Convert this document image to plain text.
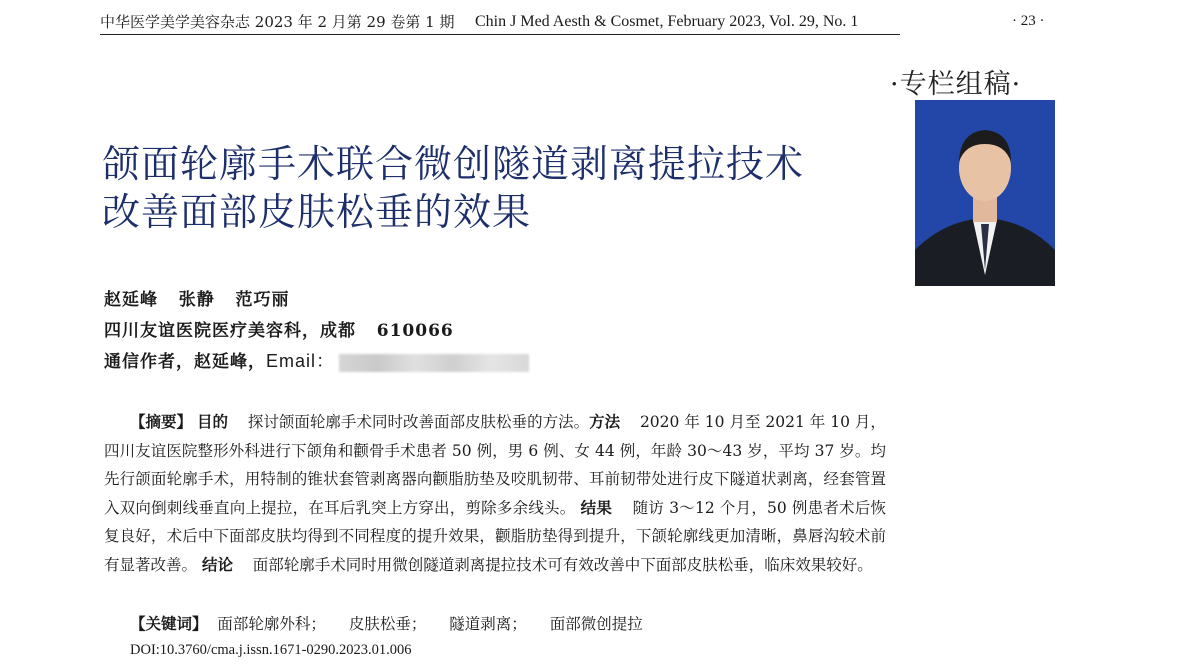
中华医学美学美容杂志 2023 年 2 月第 29 卷第 1 期 Chin J Med Aesth & Cosmet, February 2023, Vol. 29, No. 1	· 23 ·
·专栏组稿·
颌面轮廓手术联合微创隧道剥离提拉技术
改善面部皮肤松垂的效果
赵延峰   张静   范巧丽
四川友谊医院医疗美容科，成都   610066
通信作者，赵延峰，Email：
【摘要】 目的 探讨颌面轮廓手术同时改善面部皮肤松垂的方法。方法 2020 年 10 月至 2021 年 10 月，四川友谊医院整形外科进行下颌角和颧骨手术患者 50 例，男 6 例、女 44 例，年龄 30～43 岁，平均 37 岁。均先行颌面轮廓手术，用特制的锥状套管剥离器向颧脂肪垫及咬肌韧带、耳前韧带处进行皮下隧道状剥离，经套管置入双向倒刺线垂直向上提拉，在耳后乳突上方穿出，剪除多余线头。 结果 随访 3～12 个月，50 例患者术后恢复良好，术后中下面部皮肤均得到不同程度的提升效果，颧脂肪垫得到提升，下颌轮廓线更加清晰，鼻唇沟较术前有显著改善。 结论 面部轮廓手术同时用微创隧道剥离提拉技术可有效改善中下面部皮肤松垂，临床效果较好。
【关键词】 面部轮廓外科； 皮肤松垂； 隧道剥离； 面部微创提拉
DOI:10.3760/cma.j.issn.1671-0290.2023.01.006
